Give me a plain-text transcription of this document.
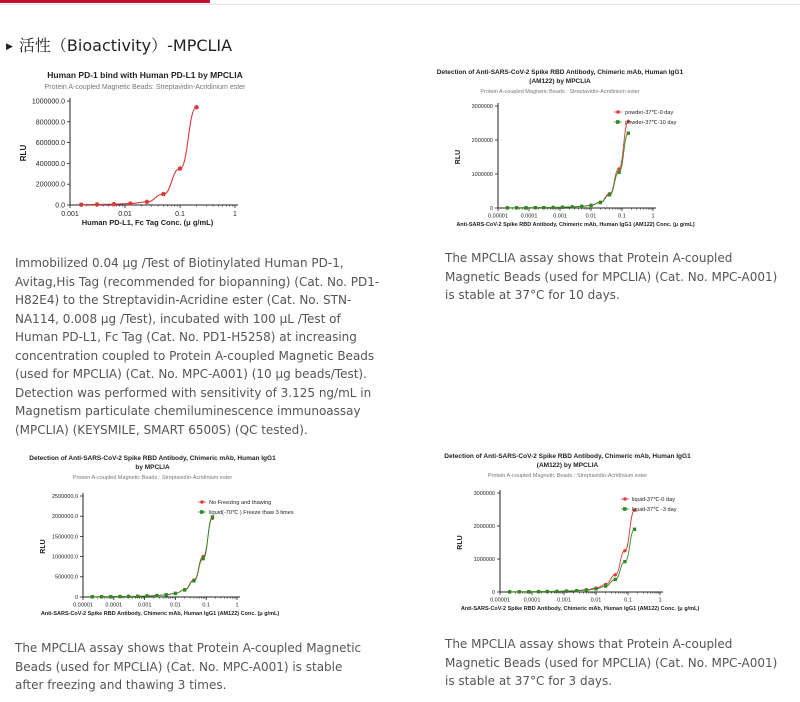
▶ 活性（Bioactivity）-MPCLIA
Human PD-1 bind with Human PD-L1 by MPCLIA
Protein A-coupled Magnetic Beads: Streptavidin-Acridinium ester
0.0
200000.0
400000.0
600000.0
800000.0
1000000.0
0.001	0.01	0.1	1
Human PD-L1, Fc Tag Conc. (μ g/mL)
RLU
Detection of Anti-SARS-CoV-2 Spike RBD Antibody, Chimeric mAb, Human IgG1
(AM122) by MPCLIA
Protein A-coupled Magnetic Beads : Streptavidin-Acridinium ester
0
1000000
2000000
3000000
0.00001 0.0001	0.001	0.01	0.1	1
Anti-SARS-CoV-2 Spike RBD Antibody, Chimeric mAb, Human IgG1 (AM122) Conc. (μ g/mL)
RLU
powder-37℃-0 day
powder-37℃-10 day
Detection of Anti-SARS-CoV-2 Spike RBD Antibody, Chimeric mAb, Human IgG1
by MPCLIA
Protein A-coupled Magnetic Beads : Streptavidin-Acridinium ester
0
500000.0
1000000.0
1500000.0
2000000.0
2500000.0
0.00001 0.0001	0.001	0.01	0.1	1
Anti-SARS-CoV-2 Spike RBD Antibody, Chimeric mAb, Human IgG1 (AM122) Conc. (μ g/mL)
RLU
No Freezing and thawing
liquid(-70℃ ) Freeze thaw 3 times
Detection of Anti-SARS-CoV-2 Spike RBD Antibody, Chimeric mAb, Human IgG1
(AM122) by MPCLIA
Protein A-coupled Magnetic Beads : Streptavidin-Acridinium ester
0
1000000
2000000
3000000
0.00001 0.0001	0.001	0.01	0.1	1
Anti-SARS-CoV-2 Spike RBD Antibody, Chimeric mAb, Human IgG1 (AM122) Conc. (μ g/mL)
RLU
liquid-37℃-0 day
liquid-37℃ -3 day

Immobilized 0.04 μg /Test of Biotinylated Human PD-1, Avitag,His Tag (recommended for biopanning) (Cat. No. PD1-H82E4) to the Streptavidin-Acridine ester (Cat. No. STN-NA114, 0.008 μg /Test), incubated with 100 μL /Test of Human PD-L1, Fc Tag (Cat. No. PD1-H5258) at increasing concentration coupled to Protein A-coupled Magnetic Beads (used for MPCLIA) (Cat. No. MPC-A001) (10 μg beads/Test). Detection was performed with sensitivity of 3.125 ng/mL in Magnetism particulate chemiluminescence immunoassay (MPCLIA) (KEYSMILE, SMART 6500S) (QC tested).

The MPCLIA assay shows that Protein A-coupled Magnetic Beads (used for MPCLIA) (Cat. No. MPC-A001) is stable at 37°C for 10 days.

The MPCLIA assay shows that Protein A-coupled Magnetic Beads (used for MPCLIA) (Cat. No. MPC-A001) is stable after freezing and thawing 3 times.

The MPCLIA assay shows that Protein A-coupled Magnetic Beads (used for MPCLIA) (Cat. No. MPC-A001) is stable at 37°C for 3 days.
